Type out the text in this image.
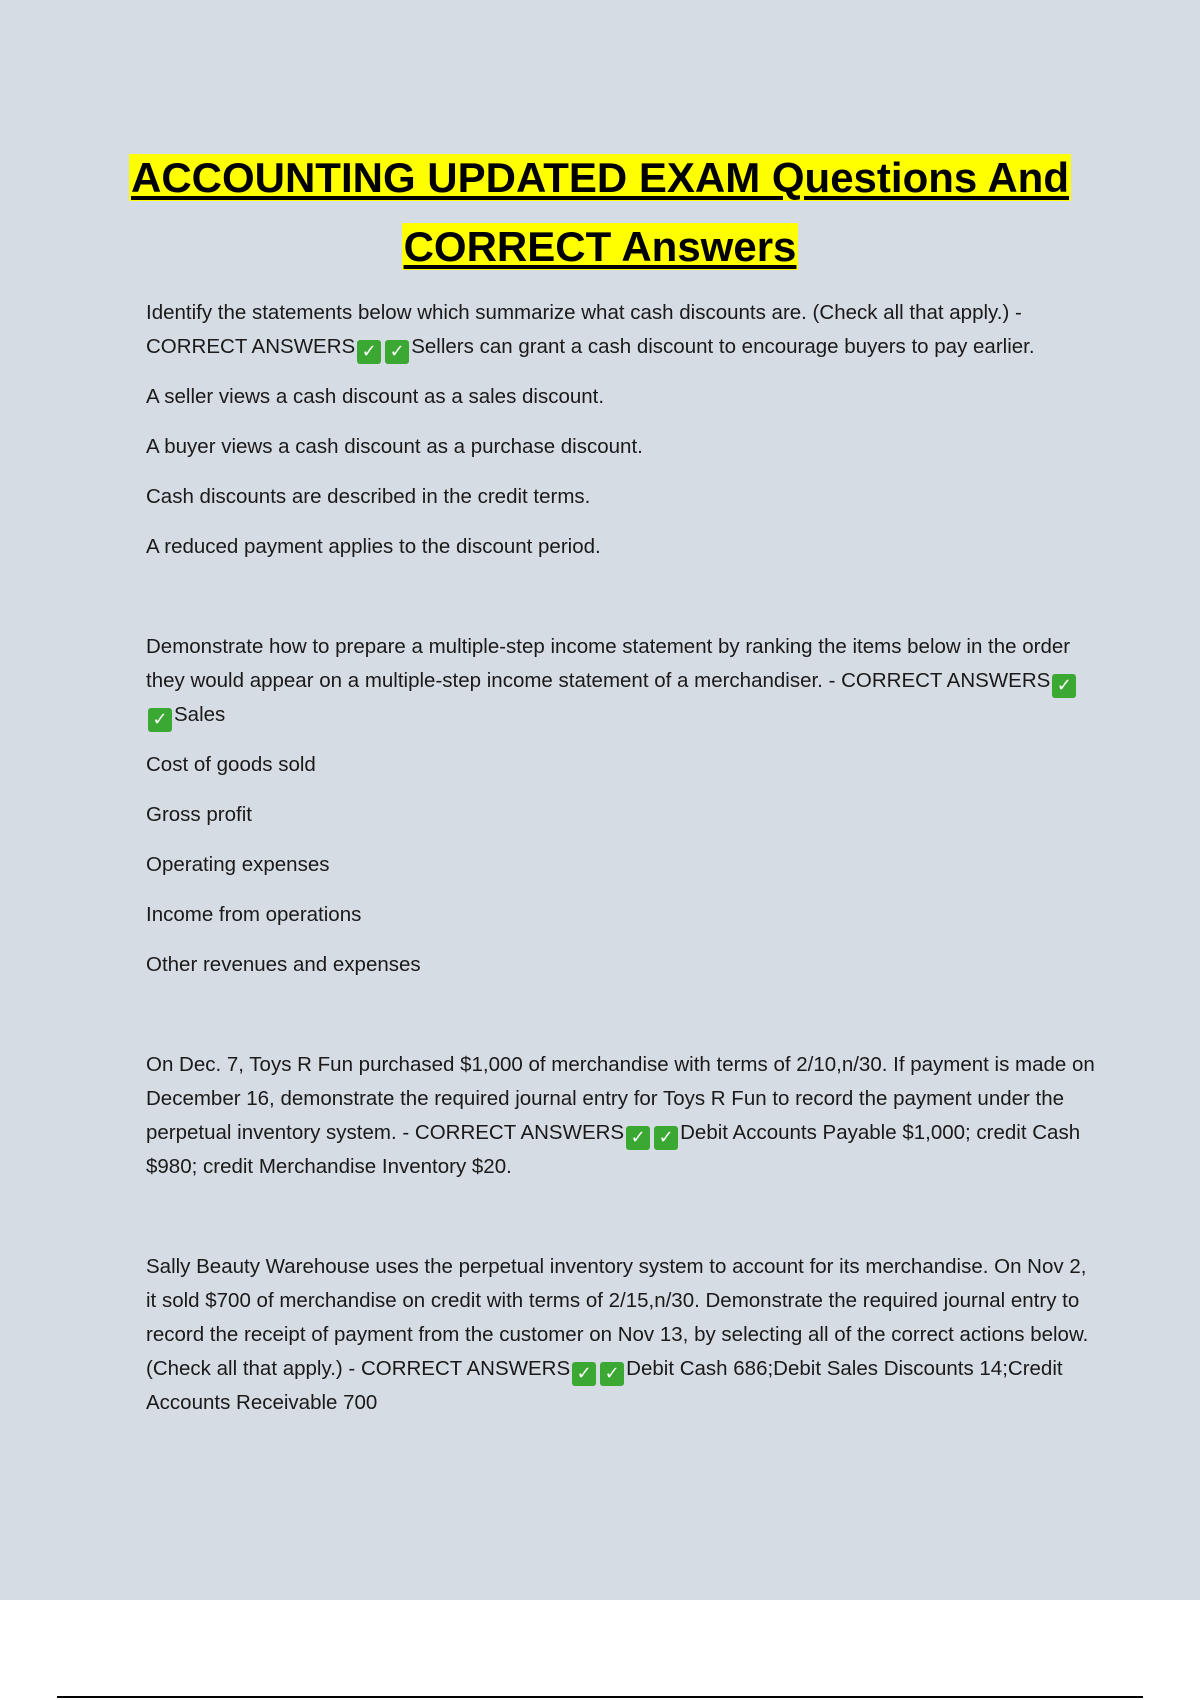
ACCOUNTING UPDATED EXAM Questions And
CORRECT Answers

Identify the statements below which summarize what cash discounts are. (Check all that apply.) - CORRECT ANSWERS ✓ ✓ Sellers can grant a cash discount to encourage buyers to pay earlier.

A seller views a cash discount as a sales discount.

A buyer views a cash discount as a purchase discount.

Cash discounts are described in the credit terms.

A reduced payment applies to the discount period.

Demonstrate how to prepare a multiple-step income statement by ranking the items below in the order they would appear on a multiple-step income statement of a merchandiser. - CORRECT ANSWERS ✓✓ Sales

Cost of goods sold

Gross profit

Operating expenses

Income from operations

Other revenues and expenses

On Dec. 7, Toys R Fun purchased $1,000 of merchandise with terms of 2/10,n/30. If payment is made on December 16, demonstrate the required journal entry for Toys R Fun to record the payment under the perpetual inventory system. - CORRECT ANSWERS ✓ ✓ Debit Accounts Payable $1,000; credit Cash $980; credit Merchandise Inventory $20.

Sally Beauty Warehouse uses the perpetual inventory system to account for its merchandise. On Nov 2, it sold $700 of merchandise on credit with terms of 2/15,n/30. Demonstrate the required journal entry to record the receipt of payment from the customer on Nov 13, by selecting all of the correct actions below. (Check all that apply.) - CORRECT ANSWERS ✓ ✓ Debit Cash 686;Debit Sales Discounts 14;Credit Accounts Receivable 700
